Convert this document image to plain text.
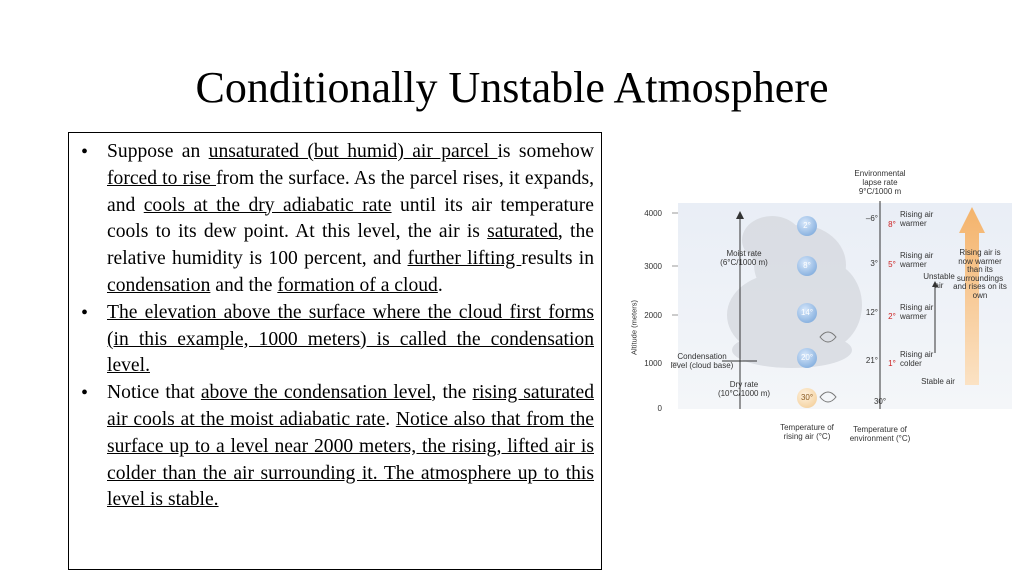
Conditionally Unstable Atmosphere
• Suppose an unsaturated (but humid) air parcel is somehow forced to rise from the surface. As the parcel rises, it expands, and cools at the dry adiabatic rate until its air temperature cools to its dew point. At this level, the air is saturated, the relative humidity is 100 percent, and further lifting results in condensation and the formation of a cloud.
• The elevation above the surface where the cloud first forms (in this example, 1000 meters) is called the condensation level.
• Notice that above the condensation level, the rising saturated air cools at the moist adiabatic rate. Notice also that from the surface up to a level near 2000 meters, the rising, lifted air is colder than the air surrounding it. The atmosphere up to this level is stable.
4000
3000
2000
1000
0
Altitude (meters)
Environmental lapse rate 9°C/1000 m
Moist rate (6°C/1000 m)
Condensation level (cloud base)
Dry rate (10°C/1000 m)
2°
8°
14°
20°
30°
–6°
3°
12°
21°
30°
8°
5°
2°
1°
Rising air warmer
Rising air warmer
Rising air warmer
Rising air colder
Unstable air
Stable air
Rising air is now warmer than its surroundings and rises on its own
Temperature of rising air (°C)
Temperature of environment (°C)
